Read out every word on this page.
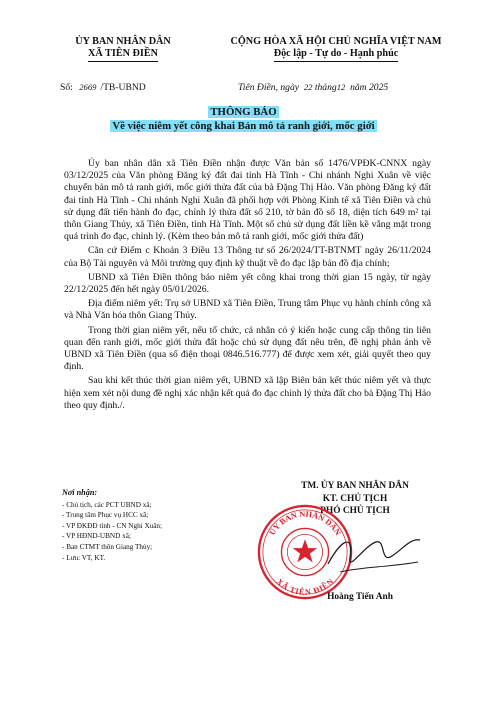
ỦY BAN NHÂN DÂN
XÃ TIÊN ĐIỀN
CỘNG HÒA XÃ HỘI CHỦ NGHĨA VIỆT NAM
Độc lập - Tự do - Hạnh phúc
Số: 2669 /TB-UBND	Tiên Điền, ngày 22 tháng12 năm 2025
THÔNG BÁO
Về việc niêm yết công khai Bản mô tả ranh giới, mốc giới

Ủy ban nhân dân xã Tiên Điền nhận được Văn bản số 1476/VPĐK-CNNX ngày 03/12/2025 của Văn phòng Đăng ký đất đai tỉnh Hà Tĩnh - Chi nhánh Nghi Xuân về việc chuyển bản mô tả ranh giới, mốc giới thửa đất của bà Đặng Thị Hảo. Văn phòng Đăng ký đất đai tỉnh Hà Tĩnh - Chi nhánh Nghi Xuân đã phối hợp với Phòng Kinh tế xã Tiên Điền và chủ sử dụng đất tiến hành đo đạc, chỉnh lý thửa đất số 210, tờ bản đồ số 18, diện tích 649 m² tại thôn Giang Thủy, xã Tiên Điền, tỉnh Hà Tĩnh. Một số chủ sử dụng đất liền kề vắng mặt trong quá trình đo đạc, chỉnh lý. (Kèm theo bản mô tả ranh giới, mốc giới thửa đất)

Căn cứ Điểm c Khoản 3 Điều 13 Thông tư số 26/2024/TT-BTNMT ngày 26/11/2024 của Bộ Tài nguyên và Môi trường quy định kỹ thuật về đo đạc lập bản đồ địa chính;

UBND xã Tiên Điền thông báo niêm yết công khai trong thời gian 15 ngày, từ ngày 22/12/2025 đến hết ngày 05/01/2026.

Địa điểm niêm yết: Trụ sở UBND xã Tiên Điền, Trung tâm Phục vụ hành chính công xã và Nhà Văn hóa thôn Giang Thủy.

Trong thời gian niêm yết, nếu tổ chức, cá nhân có ý kiến hoặc cung cấp thông tin liên quan đến ranh giới, mốc giới thửa đất hoặc chủ sử dụng đất nêu trên, đề nghị phản ánh về UBND xã Tiên Điền (qua số điện thoại 0846.516.777) để được xem xét, giải quyết theo quy định.

Sau khi kết thúc thời gian niêm yết, UBND xã lập Biên bản kết thúc niêm yết và thực hiện xem xét nội dung đề nghị xác nhận kết quả đo đạc chỉnh lý thửa đất cho bà Đặng Thị Hảo theo quy định./.

Nơi nhận:
- Chủ tịch, các PCT UBND xã;
- Trung tâm Phục vụ HCC xã;
- VP ĐKĐĐ tỉnh - CN Nghi Xuân;
- VP HĐND-UBND xã;
- Ban CTMT thôn Giang Thủy;
- Lưu: VT, KT.
TM. ỦY BAN NHÂN DÂN
KT. CHỦ TỊCH
PHÓ CHỦ TỊCH
ỦY BAN NHÂN DÂN
XÃ TIÊN ĐIỀN
Hoàng Tiến Anh
